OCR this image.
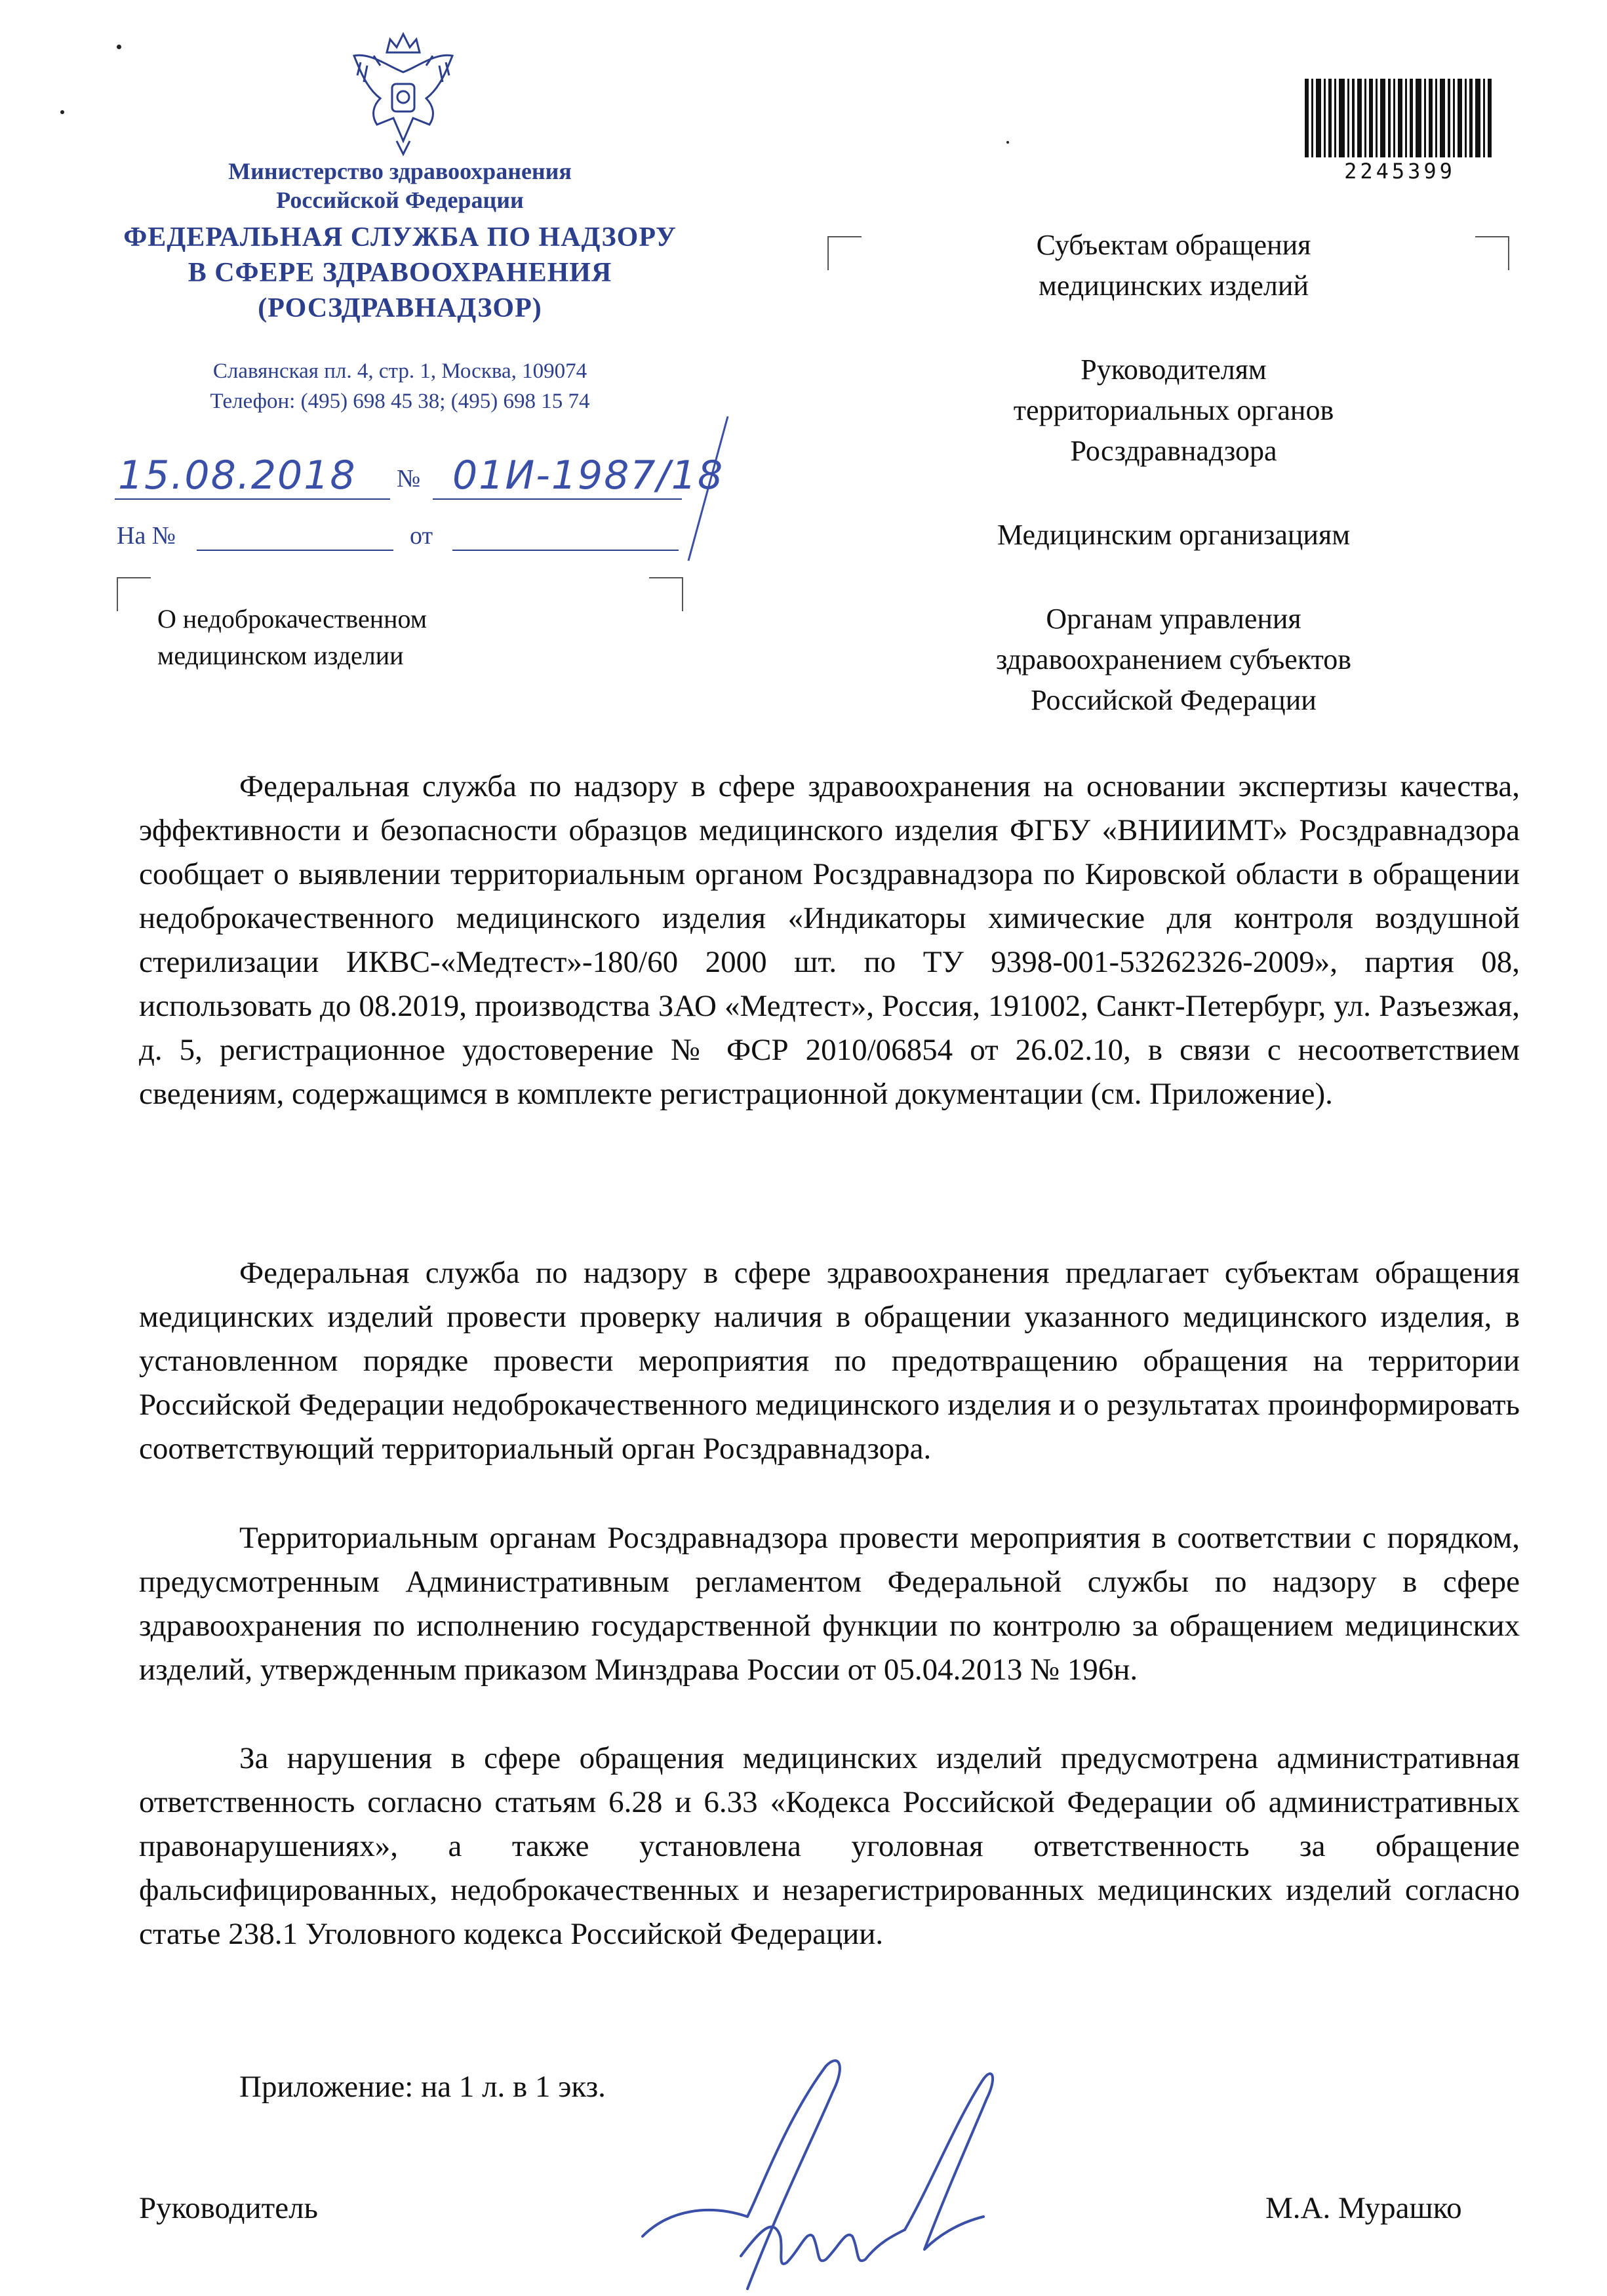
Министерство здравоохранения
Российской Федерации
ФЕДЕРАЛЬНАЯ СЛУЖБА ПО НАДЗОРУ
В СФЕРЕ ЗДРАВООХРАНЕНИЯ
(РОСЗДРАВНАДЗОР)
Славянская пл. 4, стр. 1, Москва, 109074
Телефон: (495) 698 45 38; (495) 698 15 74
15.08.2018 № 01И-1987/18
На №	от
О недоброкачественном
медицинском изделии
2245399
Субъектам обращения
медицинских изделий
Руководителям
территориальных органов
Росздравнадзора
Медицинским организациям
Органам управления
здравоохранением субъектов
Российской Федерации

Федеральная служба по надзору в сфере здравоохранения на основании экспертизы качества, эффективности и безопасности образцов медицинского изделия ФГБУ «ВНИИИМТ» Росздравнадзора сообщает о выявлении территориальным органом Росздравнадзора по Кировской области в обращении недоброкачественного медицинского изделия «Индикаторы химические для контроля воздушной стерилизации ИКВС-«Медтест»-180/60 2000 шт. по ТУ 9398-001-53262326-2009», партия 08, использовать до 08.2019, производства ЗАО «Медтест», Россия, 191002, Санкт-Петербург, ул. Разъезжая, д. 5, регистрационное удостоверение № ФСР 2010/06854 от 26.02.10, в связи с несоответствием сведениям, содержащимся в комплекте регистрационной документации (см. Приложение).

Федеральная служба по надзору в сфере здравоохранения предлагает субъектам обращения медицинских изделий провести проверку наличия в обращении указанного медицинского изделия, в установленном порядке провести мероприятия по предотвращению обращения на территории Российской Федерации недоброкачественного медицинского изделия и о результатах проинформировать соответствующий территориальный орган Росздравнадзора.

Территориальным органам Росздравнадзора провести мероприятия в соответствии с порядком, предусмотренным Административным регламентом Федеральной службы по надзору в сфере здравоохранения по исполнению государственной функции по контролю за обращением медицинских изделий, утвержденным приказом Минздрава России от 05.04.2013 № 196н.

За нарушения в сфере обращения медицинских изделий предусмотрена административная ответственность согласно статьям 6.28 и 6.33 «Кодекса Российской Федерации об административных правонарушениях», а также установлена уголовная ответственность за обращение фальсифицированных, недоброкачественных и незарегистрированных медицинских изделий согласно статье 238.1 Уголовного кодекса Российской Федерации.

Приложение: на 1 л. в 1 экз.
Руководитель	М.А. Мурашко
